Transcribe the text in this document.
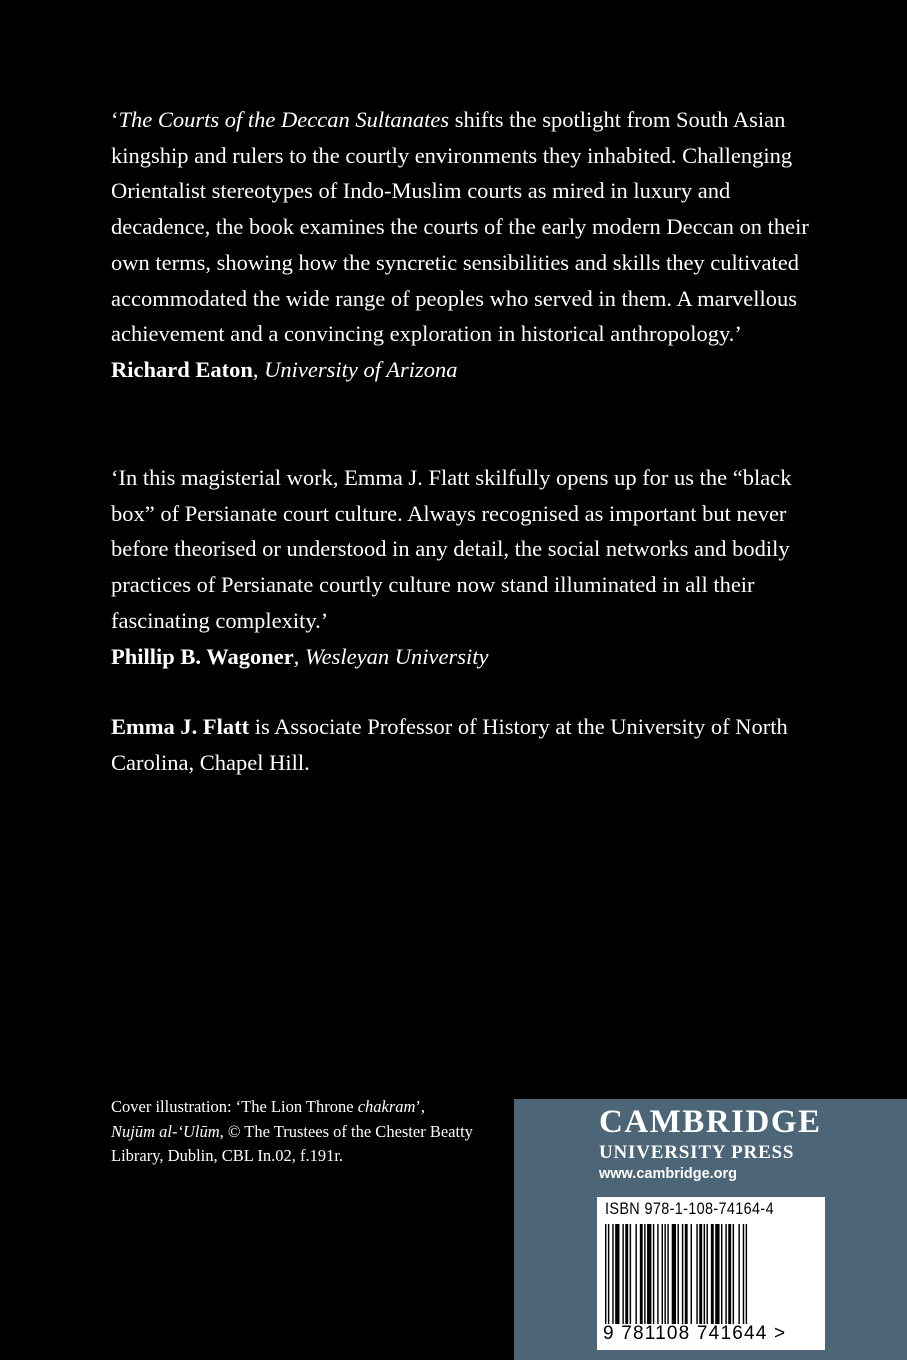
‘The Courts of the Deccan Sultanates shifts the spotlight from South Asian kingship and rulers to the courtly environments they inhabited. Challenging Orientalist stereotypes of Indo-Muslim courts as mired in luxury and decadence, the book examines the courts of the early modern Deccan on their own terms, showing how the syncretic sensibilities and skills they cultivated accommodated the wide range of peoples who served in them. A marvellous achievement and a convincing exploration in historical anthropology.’
Richard Eaton, University of Arizona

‘In this magisterial work, Emma J. Flatt skilfully opens up for us the “black box” of Persianate court culture. Always recognised as important but never before theorised or understood in any detail, the social networks and bodily practices of Persianate courtly culture now stand illuminated in all their fascinating complexity.’
Phillip B. Wagoner, Wesleyan University

Emma J. Flatt is Associate Professor of History at the University of North Carolina, Chapel Hill.

Cover illustration: ‘The Lion Throne chakram’,
Nujūm al-‘Ulūm, © The Trustees of the Chester Beatty Library, Dublin, CBL In.02, f.191r.

CAMBRIDGE

UNIVERSITY PRESS

www.cambridge.org

ISBN 978-1-108-74164-4
9 781108 741644 >
